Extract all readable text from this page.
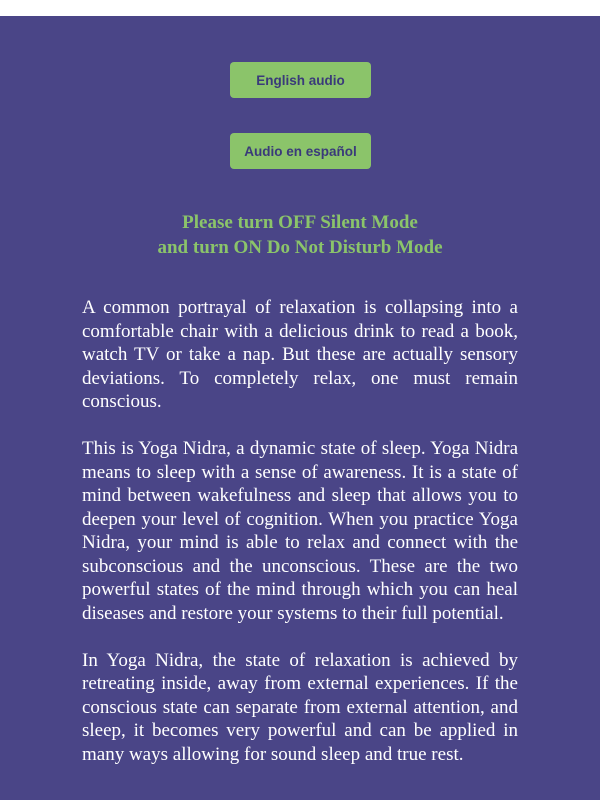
English audio
Audio en español
Please turn OFF Silent Mode
and turn ON Do Not Disturb Mode

A common portrayal of relaxation is collapsing into a comfortable chair with a delicious drink to read a book, watch TV or take a nap. But these are actually sensory deviations. To completely relax, one must remain conscious.

This is Yoga Nidra, a dynamic state of sleep. Yoga Nidra means to sleep with a sense of awareness. It is a state of mind between wakefulness and sleep that allows you to deepen your level of cognition. When you practice Yoga Nidra, your mind is able to relax and connect with the subconscious and the unconscious. These are the two powerful states of the mind through which you can heal diseases and restore your systems to their full potential.

In Yoga Nidra, the state of relaxation is achieved by retreating inside, away from external experiences. If the conscious state can separate from external attention, and sleep, it becomes very powerful and can be applied in many ways allowing for sound sleep and true rest.
